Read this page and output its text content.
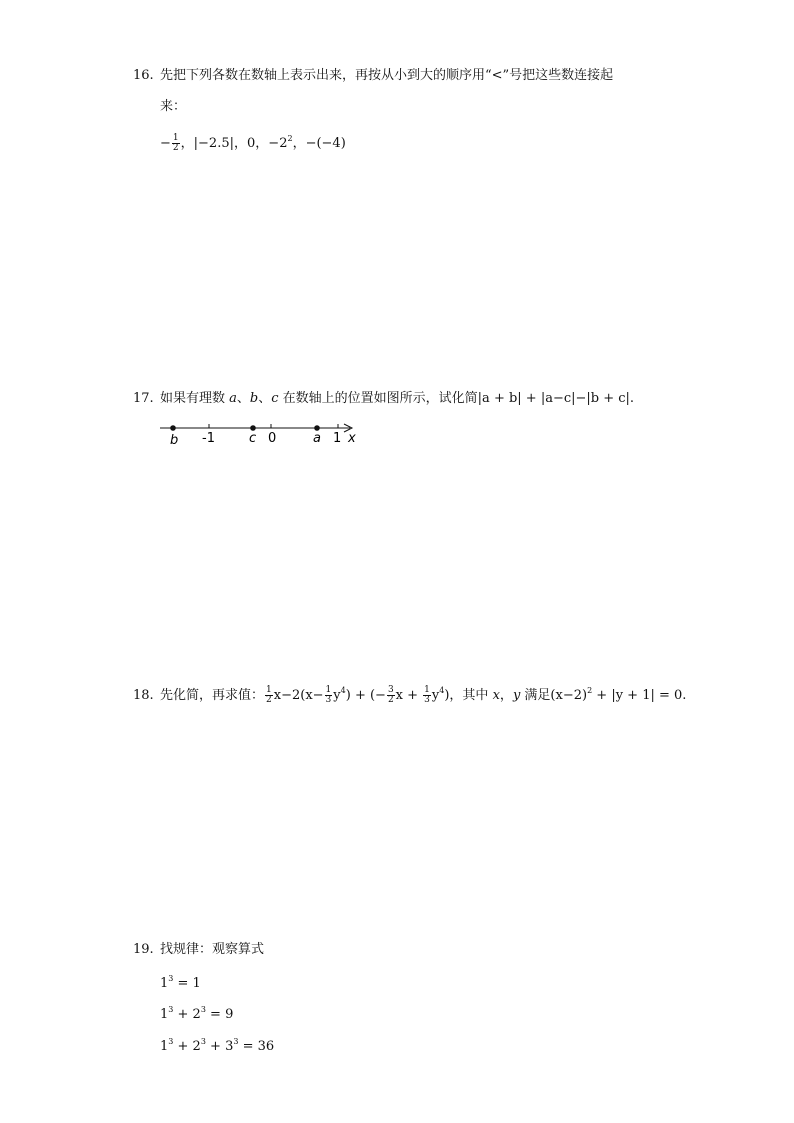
16. 先把下列各数在数轴上表示出来，再按从小到大的顺序用“<”号把这些数连接起
来：
− $\frac{1}{2}$ ，|−2.5|，0，$-2^2$，−(−4)
17. 如果有理数 a、b、c 在数轴上的位置如图所示，试化简|a + b| + |a−c|−|b + c|.
b -1	c 0	a 1 x
18. 先化简，再求值： $\frac{1}{2} x-2(x- \frac{1}{3} y^4)$ + (− $\frac{3}{2}$ $x + \frac{1}{3} y^4$)，其中 x，y 满足$(x-2)^2 + |y + 1| = 0$.
19. 找规律：观察算式
$1^3 = 1$
$1^3 + 2^3 = 9$
$1^3 + 2^3 + 3^3 = 36$
